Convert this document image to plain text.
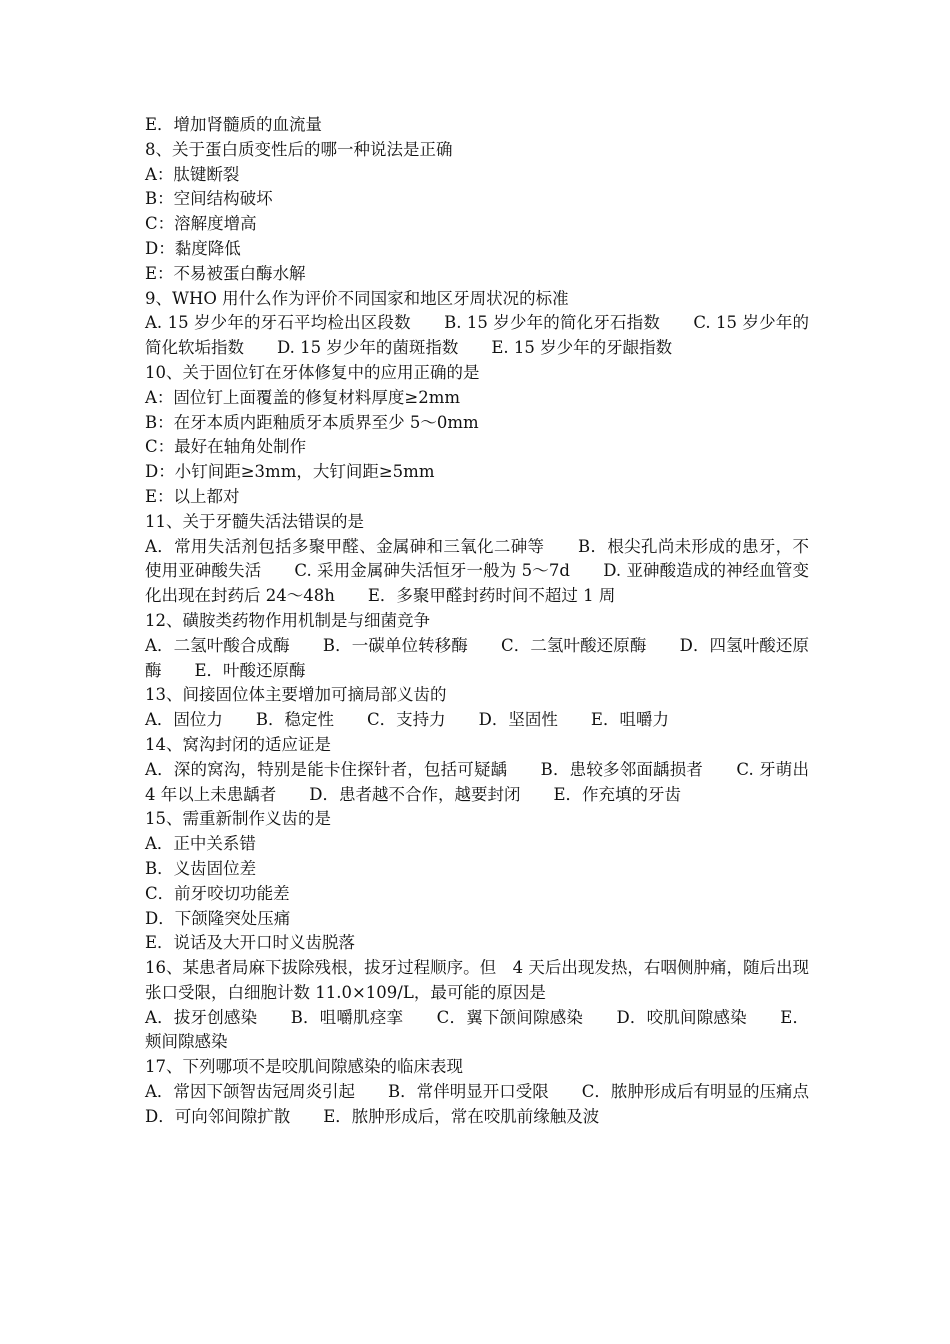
E．增加肾髓质的血流量
8、关于蛋白质变性后的哪一种说法是正确
A：肽键断裂
B：空间结构破坏
C：溶解度增高
D：黏度降低
E：不易被蛋白酶水解
9、WHO 用什么作为评价不同国家和地区牙周状况的标准
A. 15 岁少年的牙石平均检出区段数　　B. 15 岁少年的简化牙石指数　　C. 15 岁少年的简化软垢指数　　D. 15 岁少年的菌斑指数　　E. 15 岁少年的牙龈指数
10、关于固位钉在牙体修复中的应用正确的是
A：固位钉上面覆盖的修复材料厚度≥2mm
B：在牙本质内距釉质牙本质界至少 5～0mm
C：最好在轴角处制作
D：小钉间距≥3mm，大钉间距≥5mm
E：以上都对
11、关于牙髓失活法错误的是
A．常用失活剂包括多聚甲醛、金属砷和三氧化二砷等　　B．根尖孔尚未形成的患牙，不使用亚砷酸失活　　C. 采用金属砷失活恒牙一般为 5～7d　　D. 亚砷酸造成的神经血管变化出现在封药后 24～48h　　E．多聚甲醛封药时间不超过 1 周
12、磺胺类药物作用机制是与细菌竞争
A．二氢叶酸合成酶　　B．一碳单位转移酶　　C．二氢叶酸还原酶　　D．四氢叶酸还原酶　　E．叶酸还原酶
13、间接固位体主要增加可摘局部义齿的
A．固位力　　B．稳定性　　C．支持力　　D．坚固性　　E．咀嚼力
14、窝沟封闭的适应证是
A．深的窝沟，特别是能卡住探针者，包括可疑龋　　B．患较多邻面龋损者　　C. 牙萌出 4 年以上未患龋者　　D．患者越不合作，越要封闭　　E．作充填的牙齿
15、需重新制作义齿的是
A．正中关系错
B．义齿固位差
C．前牙咬切功能差
D．下颌隆突处压痛
E．说话及大开口时义齿脱落
16、某患者局麻下拔除残根，拔牙过程顺序。但　4 天后出现发热，右咽侧肿痛，随后出现张口受限，白细胞计数 11.0×109/L，最可能的原因是
A．拔牙创感染　　B．咀嚼肌痉挛　　C．翼下颌间隙感染　　D．咬肌间隙感染　　E．颊间隙感染
17、下列哪项不是咬肌间隙感染的临床表现
A．常因下颌智齿冠周炎引起　　B．常伴明显开口受限　　C．脓肿形成后有明显的压痛点　　D．可向邻间隙扩散　　E．脓肿形成后，常在咬肌前缘触及波
